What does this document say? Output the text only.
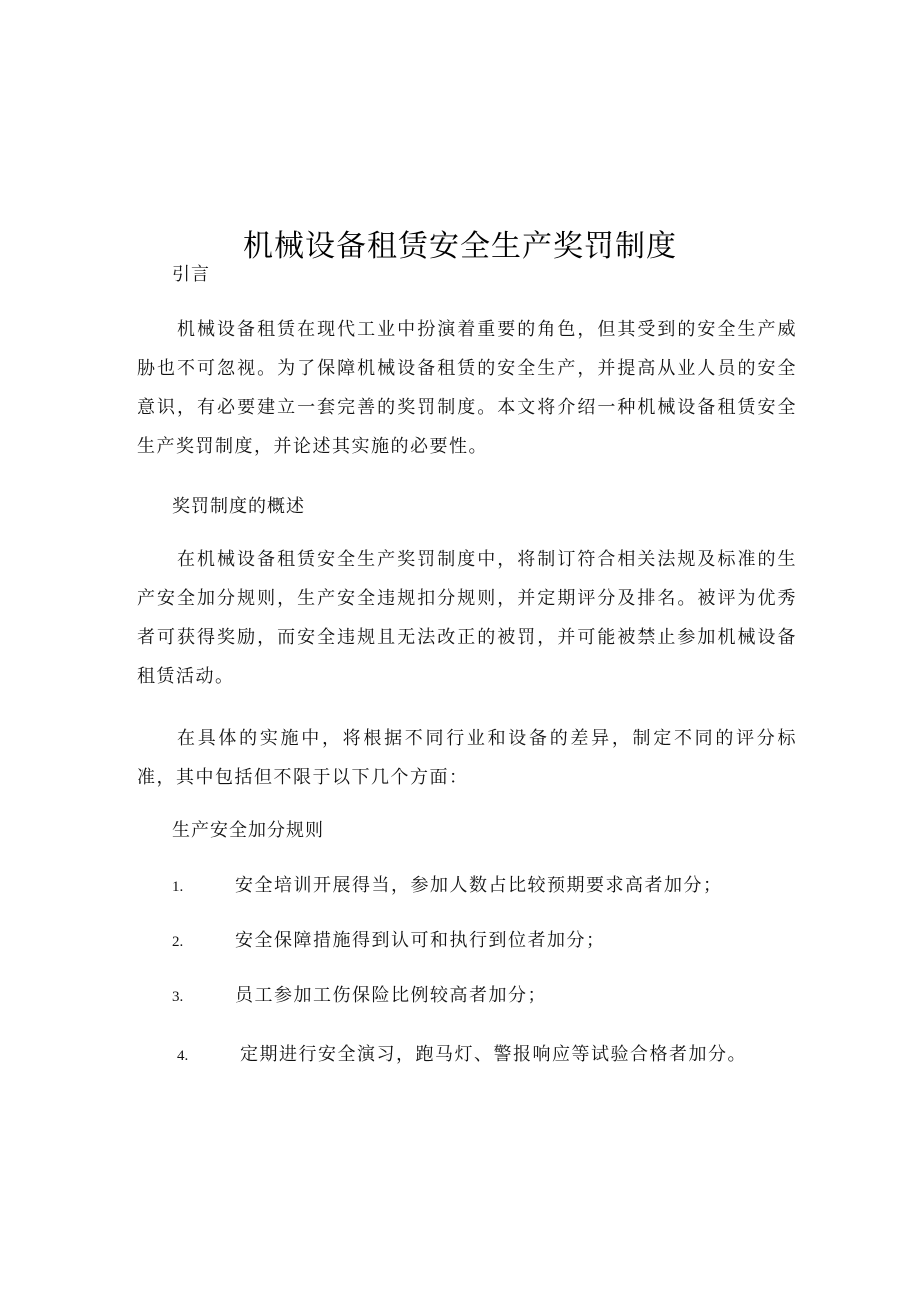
机械设备租赁安全生产奖罚制度
引言

机械设备租赁在现代工业中扮演着重要的角色，但其受到的安全生产威胁也不可忽视。为了保障机械设备租赁的安全生产，并提高从业人员的安全意识，有必要建立一套完善的奖罚制度。本文将介绍一种机械设备租赁安全生产奖罚制度，并论述其实施的必要性。

奖罚制度的概述

在机械设备租赁安全生产奖罚制度中，将制订符合相关法规及标准的生产安全加分规则，生产安全违规扣分规则，并定期评分及排名。被评为优秀者可获得奖励，而安全违规且无法改正的被罚，并可能被禁止参加机械设备租赁活动。

在具体的实施中，将根据不同行业和设备的差异，制定不同的评分标准，其中包括但不限于以下几个方面：

生产安全加分规则
1.	安全培训开展得当，参加人数占比较预期要求高者加分；
2.	安全保障措施得到认可和执行到位者加分；
3.	员工参加工伤保险比例较高者加分；
4.	定期进行安全演习，跑马灯、警报响应等试验合格者加分。
